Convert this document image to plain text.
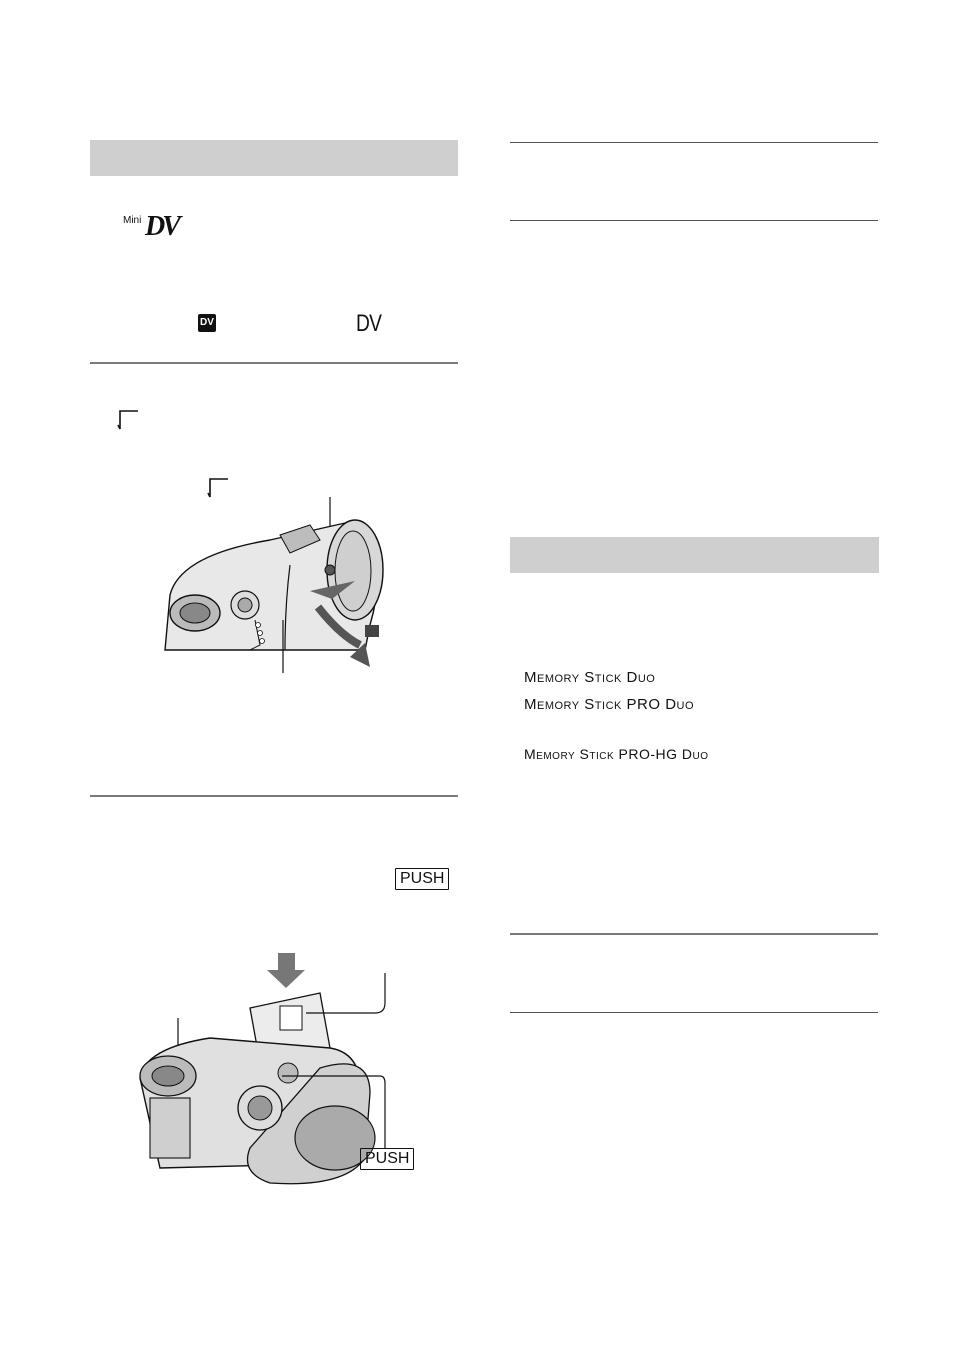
Mini DV
DV	DV
PUSH
PUSH
Memory Stick Duo
Memory Stick PRO Duo
Memory Stick PRO-HG Duo
